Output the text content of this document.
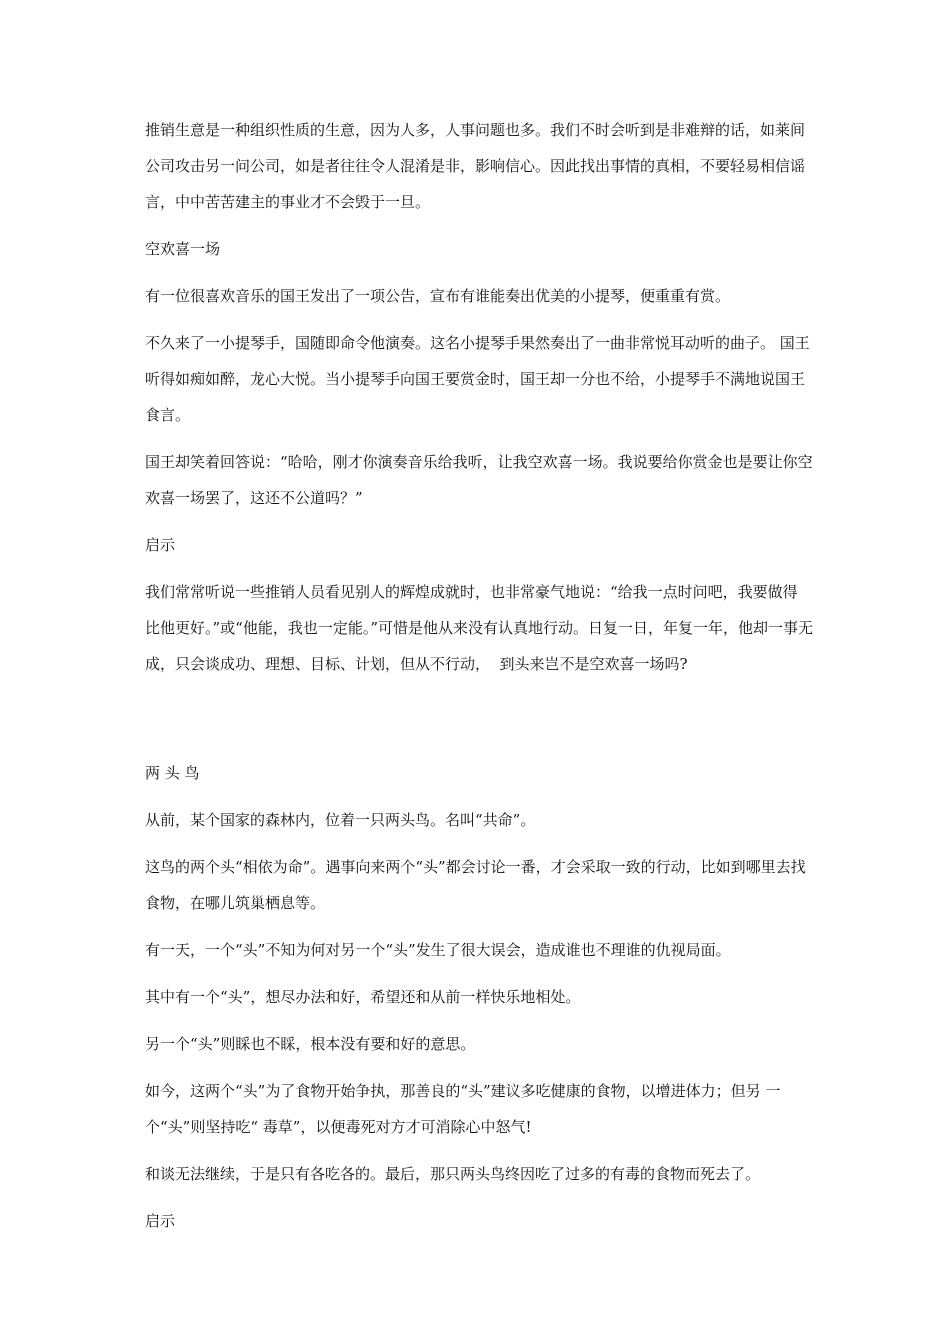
推销生意是一种组织性质的生意，因为人多，人事问题也多。我们不时会听到是非难辩的话，如莱间公司攻击另一问公司，如是者往往令人混淆是非，影响信心。因此找出事情的真相，不要轻易相信谣言，中中苦苦建主的事业才不会毁于一旦。

空欢喜一场

有一位很喜欢音乐的国王发出了一项公告，宣布有谁能奏出优美的小提琴，便重重有赏。

不久来了一小提琴手，国随即命令他演奏。这名小提琴手果然奏出了一曲非常悦耳动听的曲子。 国王听得如痴如醉，龙心大悦。当小提琴手向国王要赏金时，国王却一分也不给，小提琴手不满地说国王食言。

国王却笑着回答说：“哈哈，刚才你演奏音乐给我听，让我空欢喜一场。我说要给你赏金也是要让你空欢喜一场罢了，这还不公道吗？”

启示

我们常常听说一些推销人员看见别人的辉煌成就时，也非常豪气地说：“给我一点时问吧，我要做得 比他更好。”或“他能，我也一定能。”可惜是他从来没有认真地行动。日复一日，年复一年，他却一事无成，只会谈成功、理想、目标、计划，但从不行动，  到头来岂不是空欢喜一场吗?

两 头 鸟

从前，某个国家的森林内，位着一只两头鸟。名叫“共命”。

这鸟的两个头“相依为命”。遇事向来两个“头”都会讨论一番，才会采取一致的行动，比如到哪里去找食物，在哪儿筑巢栖息等。

有一天，一个“头”不知为何对另一个“头”发生了很大误会，造成谁也不理谁的仇视局面。

其中有一个“头”，想尽办法和好，希望还和从前一样快乐地相处。

另一个“头”则睬也不睬，根本没有要和好的意思。

如今，这两个“头”为了食物开始争执，那善良的“头”建议多吃健康的食物，以增进体力；但另 一个“头”则坚持吃“ 毒草”，以便毒死对方才可消除心中怒气!

和谈无法继续，于是只有各吃各的。最后，那只两头鸟终因吃了过多的有毒的食物而死去了。

启示
